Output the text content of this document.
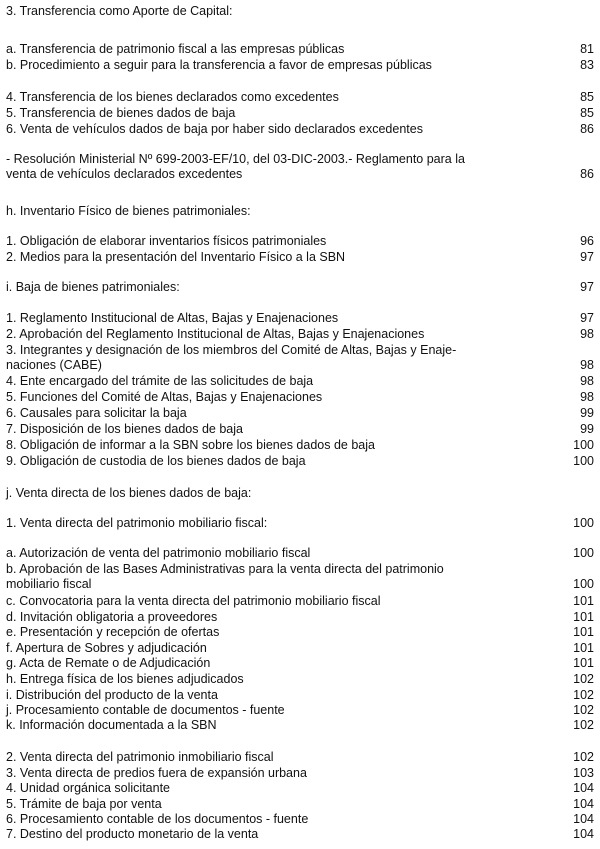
3. Transferencia como Aporte de Capital:
a. Transferencia de patrimonio fiscal a las empresas públicas	81
b. Procedimiento a seguir para la transferencia a favor de empresas públicas	83
4. Transferencia de los bienes declarados como excedentes	85
5. Transferencia de bienes dados de baja	85
6. Venta de vehículos dados de baja por haber sido declarados excedentes	86
- Resolución Ministerial Nº 699-2003-EF/10, del 03-DIC-2003.- Reglamento para la
venta de vehículos declarados excedentes	86
h. Inventario Físico de bienes patrimoniales:
1. Obligación de elaborar inventarios físicos patrimoniales	96
2. Medios para la presentación del Inventario Físico a la SBN	97
i. Baja de bienes patrimoniales:	97
1. Reglamento Institucional de Altas, Bajas y Enajenaciones	97
2. Aprobación del Reglamento Institucional de Altas, Bajas y Enajenaciones	98
3. Integrantes y designación de los miembros del Comité de Altas, Bajas y Enaje-
naciones (CABE)	98
4. Ente encargado del trámite de las solicitudes de baja	98
5. Funciones del Comité de Altas, Bajas y Enajenaciones	98
6. Causales para solicitar la baja	99
7. Disposición de los bienes dados de baja	99
8. Obligación de informar a la SBN sobre los bienes dados de baja	100
9. Obligación de custodia de los bienes dados de baja	100
j. Venta directa de los bienes dados de baja:
1. Venta directa del patrimonio mobiliario fiscal:	100
a. Autorización de venta del patrimonio mobiliario fiscal	100
b. Aprobación de las Bases Administrativas para la venta directa del patrimonio
mobiliario fiscal	100
c. Convocatoria para la venta directa del patrimonio mobiliario fiscal	101
d. Invitación obligatoria a proveedores	101
e. Presentación y recepción de ofertas	101
f. Apertura de Sobres y adjudicación	101
g. Acta de Remate o de Adjudicación	101
h. Entrega física de los bienes adjudicados	102
i. Distribución del producto de la venta	102
j. Procesamiento contable de documentos - fuente	102
k. Información documentada a la SBN	102
2. Venta directa del patrimonio inmobiliario fiscal	102
3. Venta directa de predios fuera de expansión urbana	103
4. Unidad orgánica solicitante	104
5. Trámite de baja por venta	104
6. Procesamiento contable de los documentos - fuente	104
7. Destino del producto monetario de la venta	104
